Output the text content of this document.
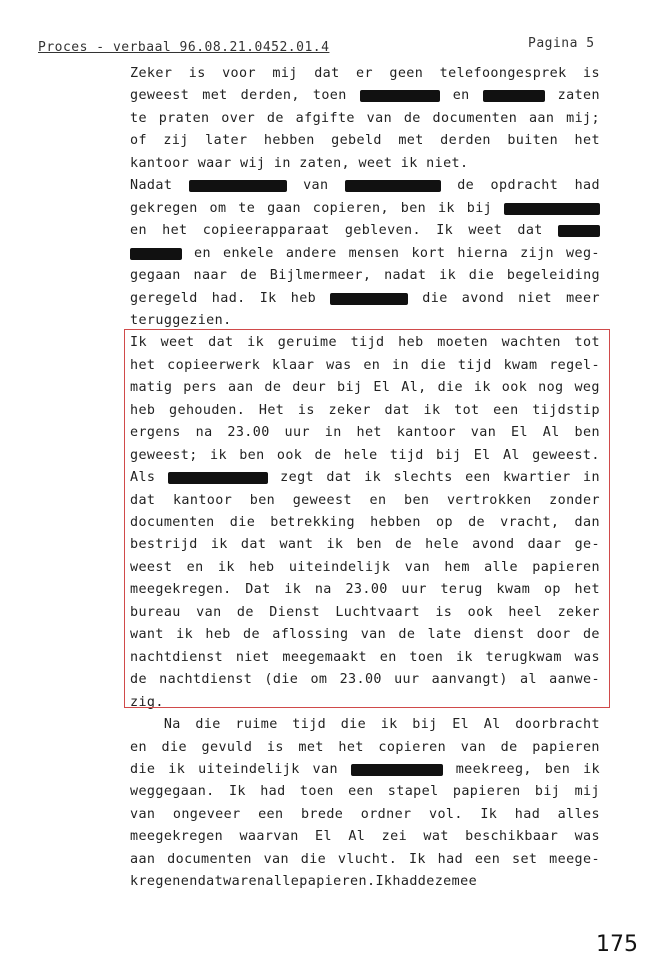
Proces - verbaal 96.08.21.0452.01.4	Pagina 5
Zeker is voor mij dat er geen telefoongesprek is
geweest met derden, toen	en	zaten
te praten over de afgifte van de documenten aan mij;
of zij later hebben gebeld met derden buiten het
kantoor waar wij in zaten, weet ik niet.
Nadat	van	de opdracht had
gekregen om te gaan copieren, ben ik bij
en het copieerapparaat gebleven. Ik weet dat
en enkele andere mensen kort hierna zijn weg-
gegaan naar de Bijlmermeer, nadat ik die begeleiding
geregeld had. Ik heb	die avond niet meer
teruggezien.
Ik weet dat ik geruime tijd heb moeten wachten tot
het copieerwerk klaar was en in die tijd kwam regel-
matig pers aan de deur bij El Al, die ik ook nog weg
heb gehouden. Het is zeker dat ik tot een tijdstip
ergens na 23.00 uur in het kantoor van El Al ben
geweest; ik ben ook de hele tijd bij El Al geweest.
Als	zegt dat ik slechts een kwartier in
dat kantoor ben geweest en ben vertrokken zonder
documenten die betrekking hebben op de vracht, dan
bestrijd ik dat want ik ben de hele avond daar ge-
weest en ik heb uiteindelijk van hem alle papieren
meegekregen. Dat ik na 23.00 uur terug kwam op het
bureau van de Dienst Luchtvaart is ook heel zeker
want ik heb de aflossing van de late dienst door de
nachtdienst niet meegemaakt en toen ik terugkwam was
de nachtdienst (die om 23.00 uur aanvangt) al aanwe-
zig.
Na die ruime tijd die ik bij El Al doorbracht
en die gevuld is met het copieren van de papieren
die ik uiteindelijk van	meekreeg, ben ik
weggegaan. Ik had toen een stapel papieren bij mij
van ongeveer een brede ordner vol. Ik had alles
meegekregen waarvan El Al zei wat beschikbaar was
aan documenten van die vlucht. Ik had een set meege-
kregen en dat waren alle papieren. Ik had deze mee
175
